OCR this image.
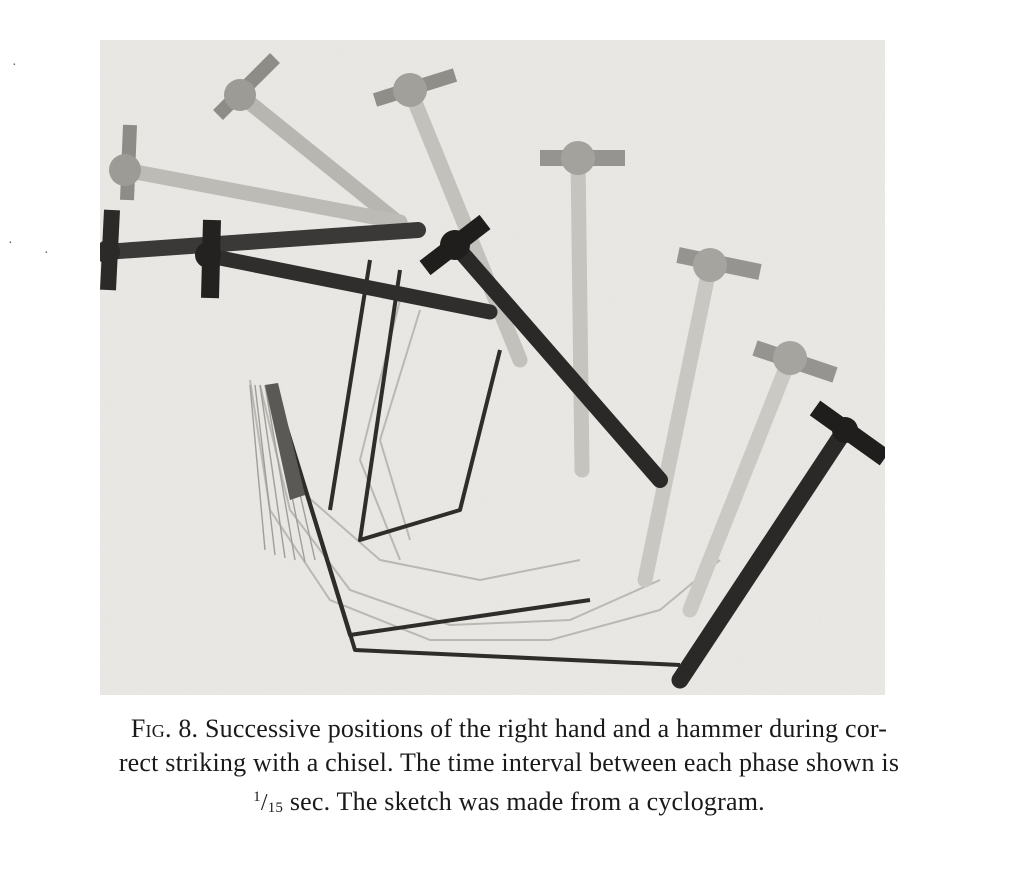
·
·
·
Fig. 8. Successive positions of the right hand and a hammer during cor-
rect striking with a chisel. The time interval between each phase shown is
$^1$/15 sec. The sketch was made from a cyclogram.
